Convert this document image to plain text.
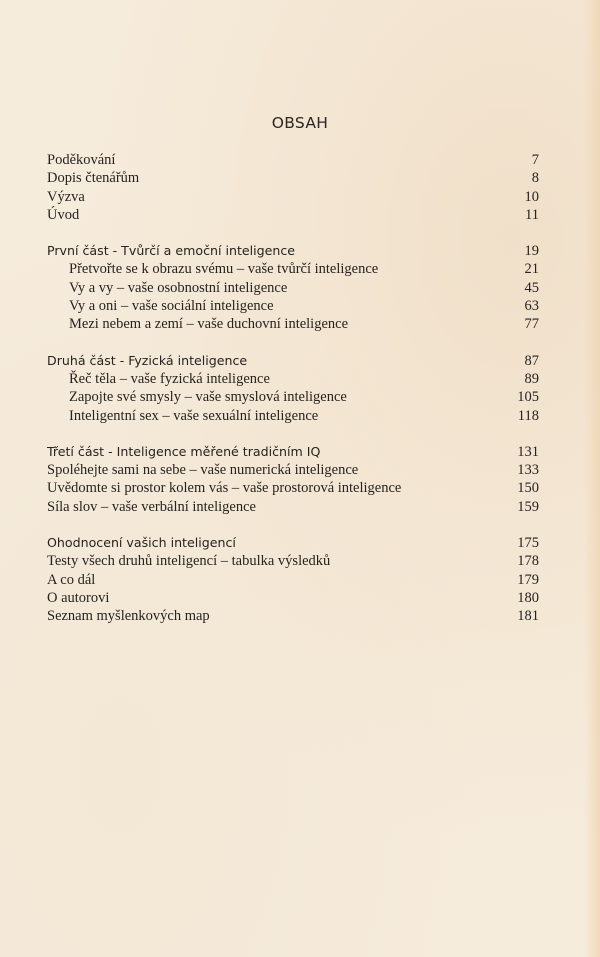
OBSAH
Poděkování	7
Dopis čtenářům	8
Výzva	10
Úvod	11
První část - Tvůrčí a emoční inteligence	19
Přetvořte se k obrazu svému – vaše tvůrčí inteligence	21
Vy a vy – vaše osobnostní inteligence	45
Vy a oni – vaše sociální inteligence	63
Mezi nebem a zemí – vaše duchovní inteligence	77
Druhá část - Fyzická inteligence	87
Řeč těla – vaše fyzická inteligence	89
Zapojte své smysly – vaše smyslová inteligence	105
Inteligentní sex – vaše sexuální inteligence	118
Třetí část - Inteligence měřené tradičním IQ	131
Spoléhejte sami na sebe – vaše numerická inteligence	133
Uvědomte si prostor kolem vás – vaše prostorová inteligence	150
Síla slov – vaše verbální inteligence	159
Ohodnocení vašich inteligencí	175
Testy všech druhů inteligencí – tabulka výsledků	178
A co dál	179
O autorovi	180
Seznam myšlenkových map	181
